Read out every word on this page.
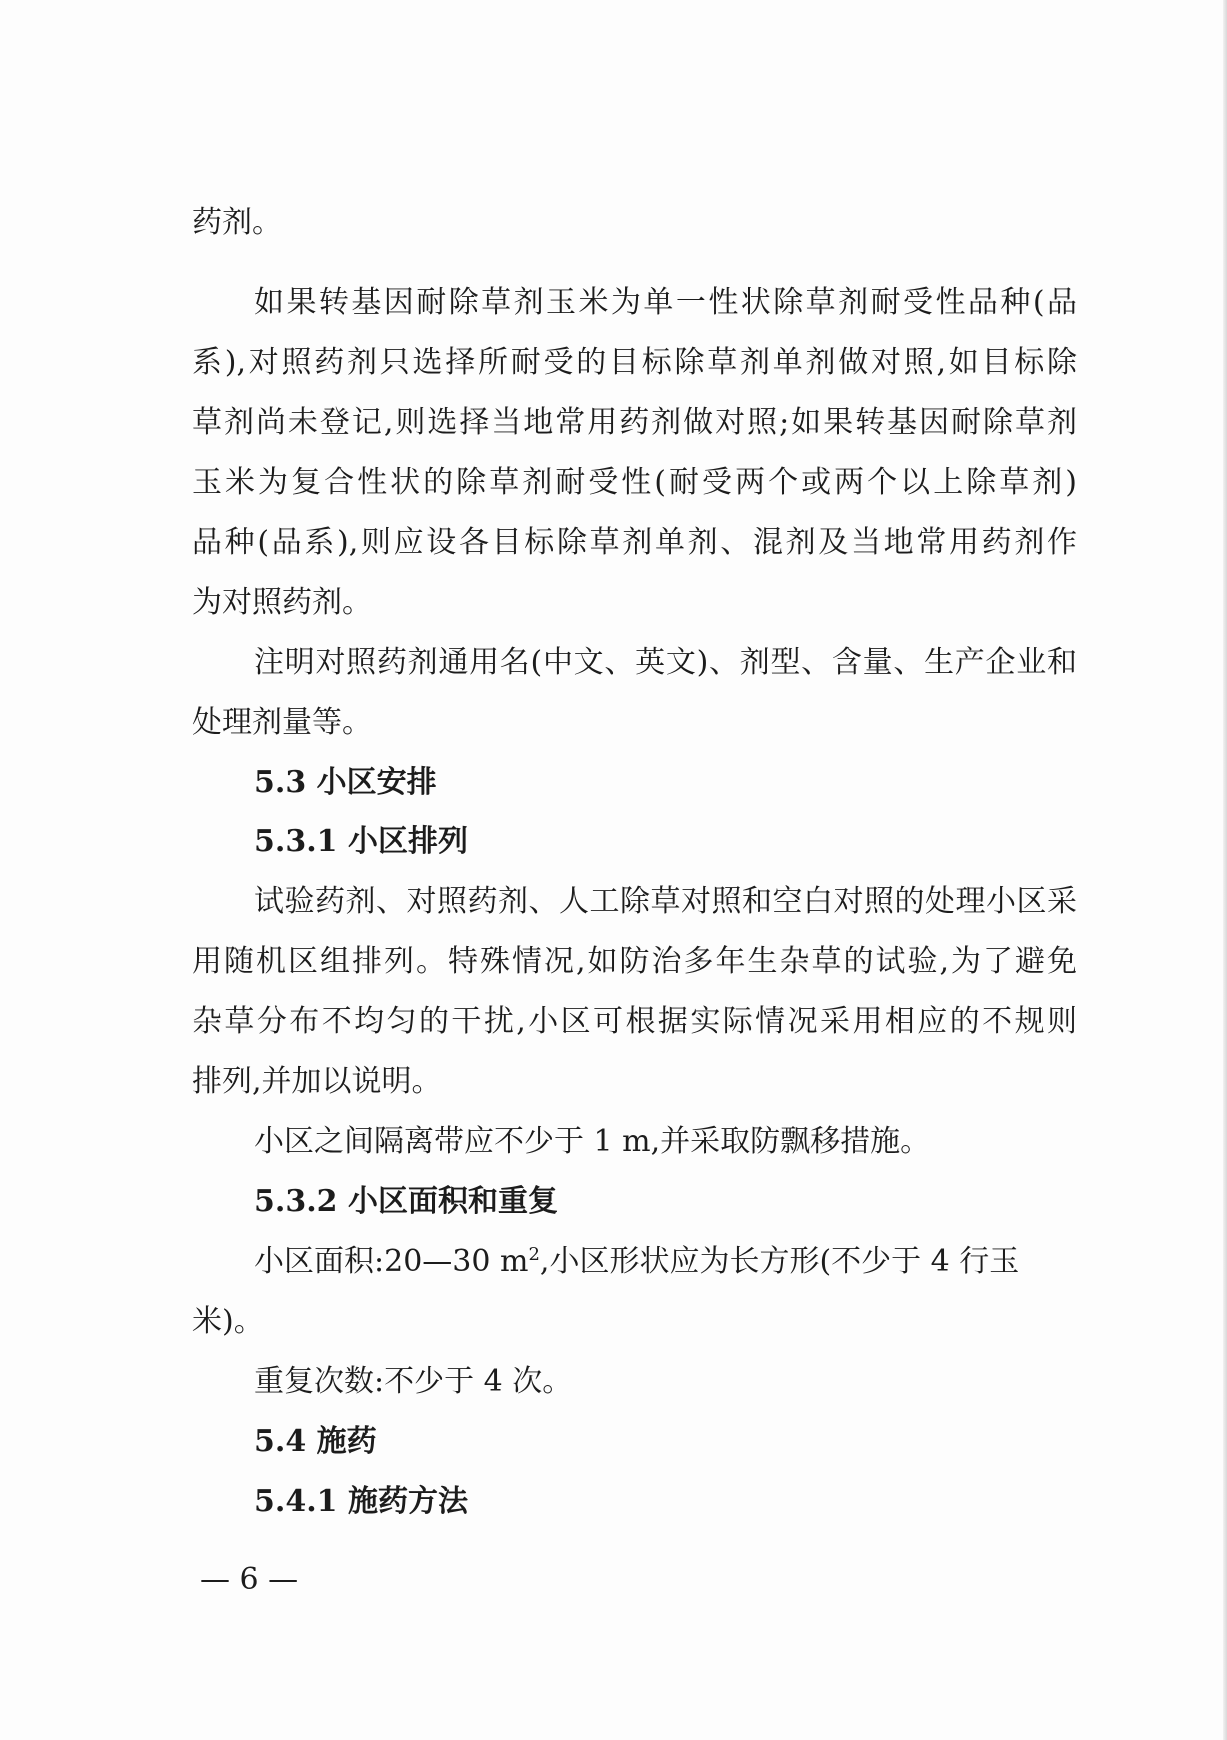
药剂。
如果转基因耐除草剂玉米为单一性状除草剂耐受性品种(品
系),对照药剂只选择所耐受的目标除草剂单剂做对照,如目标除
草剂尚未登记,则选择当地常用药剂做对照;如果转基因耐除草剂
玉米为复合性状的除草剂耐受性(耐受两个或两个以上除草剂)
品种(品系),则应设各目标除草剂单剂、混剂及当地常用药剂作
为对照药剂。
注明对照药剂通用名(中文、英文)、剂型、含量、生产企业和
处理剂量等。
5.3 小区安排
5.3.1 小区排列
试验药剂、对照药剂、人工除草对照和空白对照的处理小区采
用随机区组排列。特殊情况,如防治多年生杂草的试验,为了避免
杂草分布不均匀的干扰,小区可根据实际情况采用相应的不规则
排列,并加以说明。
小区之间隔离带应不少于 1 m,并采取防飘移措施。
5.3.2 小区面积和重复
小区面积:20—30 $m^2$,小区形状应为长方形(不少于 4 行玉
米)。
重复次数:不少于 4 次。
5.4 施药
5.4.1 施药方法
— 6 —
